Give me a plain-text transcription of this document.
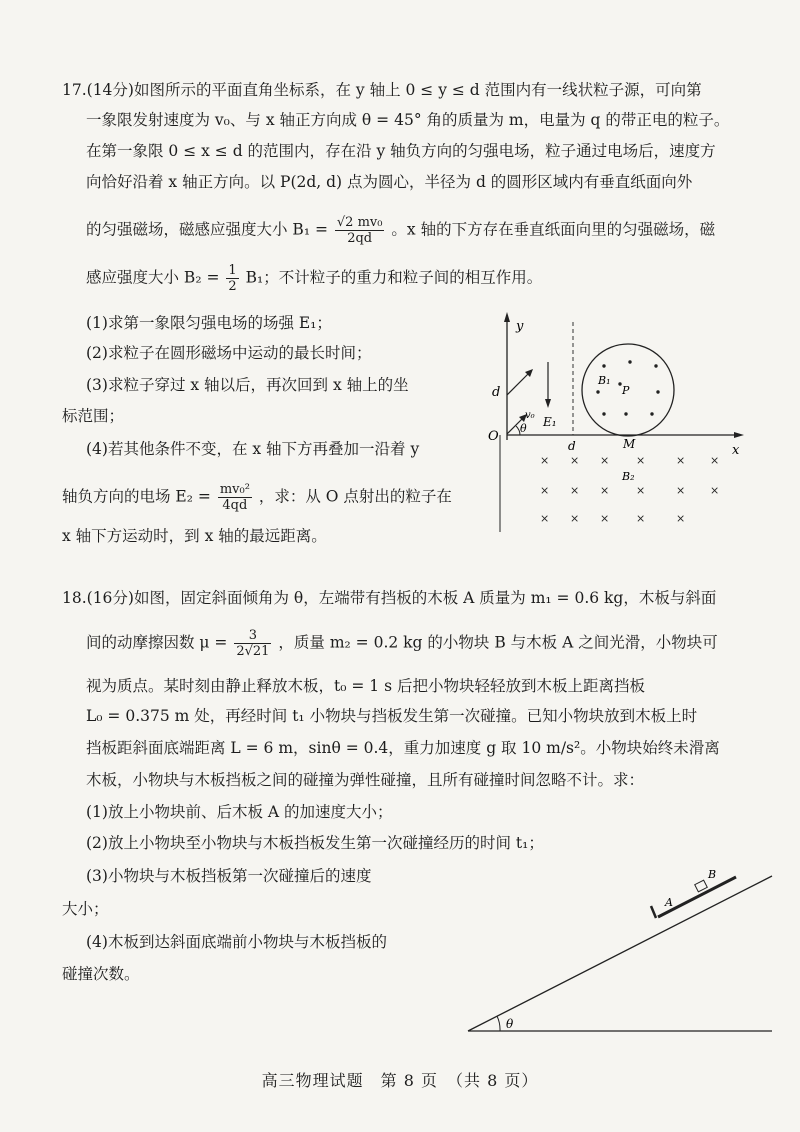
17.(14分)如图所示的平面直角坐标系，在 y 轴上 0 ≤ y ≤ d 范围内有一线状粒子源，可向第
一象限发射速度为 v₀、与 x 轴正方向成 θ = 45° 角的质量为 m，电量为 q 的带正电的粒子。
在第一象限 0 ≤ x ≤ d 的范围内，存在沿 y 轴负方向的匀强电场，粒子通过电场后，速度方
向恰好沿着 x 轴正方向。以 P(2d, d) 点为圆心，半径为 d 的圆形区域内有垂直纸面向外
的匀强磁场，磁感应强度大小 $B_1 = \frac{\text{√2 mv₀}}{2qd}$ 。x 轴的下方存在垂直纸面向里的匀强磁场，磁
感应强度大小 $B_2 = \frac{1}{2} B_1$；不计粒子的重力和粒子间的相互作用。
(1)求第一象限匀强电场的场强 E₁；
(2)求粒子在圆形磁场中运动的最长时间；
(3)求粒子穿过 x 轴以后，再次回到 x 轴上的坐
标范围；
(4)若其他条件不变，在 x 轴下方再叠加一沿着 y
轴负方向的电场 $E_2 = \frac{\text{mv₀²}}{4qd}$ ，求：从 O 点射出的粒子在
x 轴下方运动时，到 x 轴的最远距离。
y
x
d
O
v₀
θ E₁
B₁
P
d	M
× × × ×	× ×
× × × ×	× ×
× × × ×	×
B₂
18.(16分)如图，固定斜面倾角为 θ，左端带有挡板的木板 A 质量为 m₁ = 0.6 kg，木板与斜面
间的动摩擦因数 $\mu = \frac{3}{2√21}$ ，质量 m₂ = 0.2 kg 的小物块 B 与木板 A 之间光滑，小物块可
视为质点。某时刻由静止释放木板，t₀ = 1 s 后把小物块轻轻放到木板上距离挡板
L₀ = 0.375 m 处，再经时间 t₁ 小物块与挡板发生第一次碰撞。已知小物块放到木板上时
挡板距斜面底端距离 L = 6 m，sinθ = 0.4，重力加速度 g 取 10 m/s²。小物块始终未滑离
木板，小物块与木板挡板之间的碰撞为弹性碰撞，且所有碰撞时间忽略不计。求：
(1)放上小物块前、后木板 A 的加速度大小；
(2)放上小物块至小物块与木板挡板发生第一次碰撞经历的时间 t₁；
(3)小物块与木板挡板第一次碰撞后的速度
大小；
(4)木板到达斜面底端前小物块与木板挡板的
碰撞次数。
θ
A
B
高三物理试题　第 8 页　（共 8 页）
